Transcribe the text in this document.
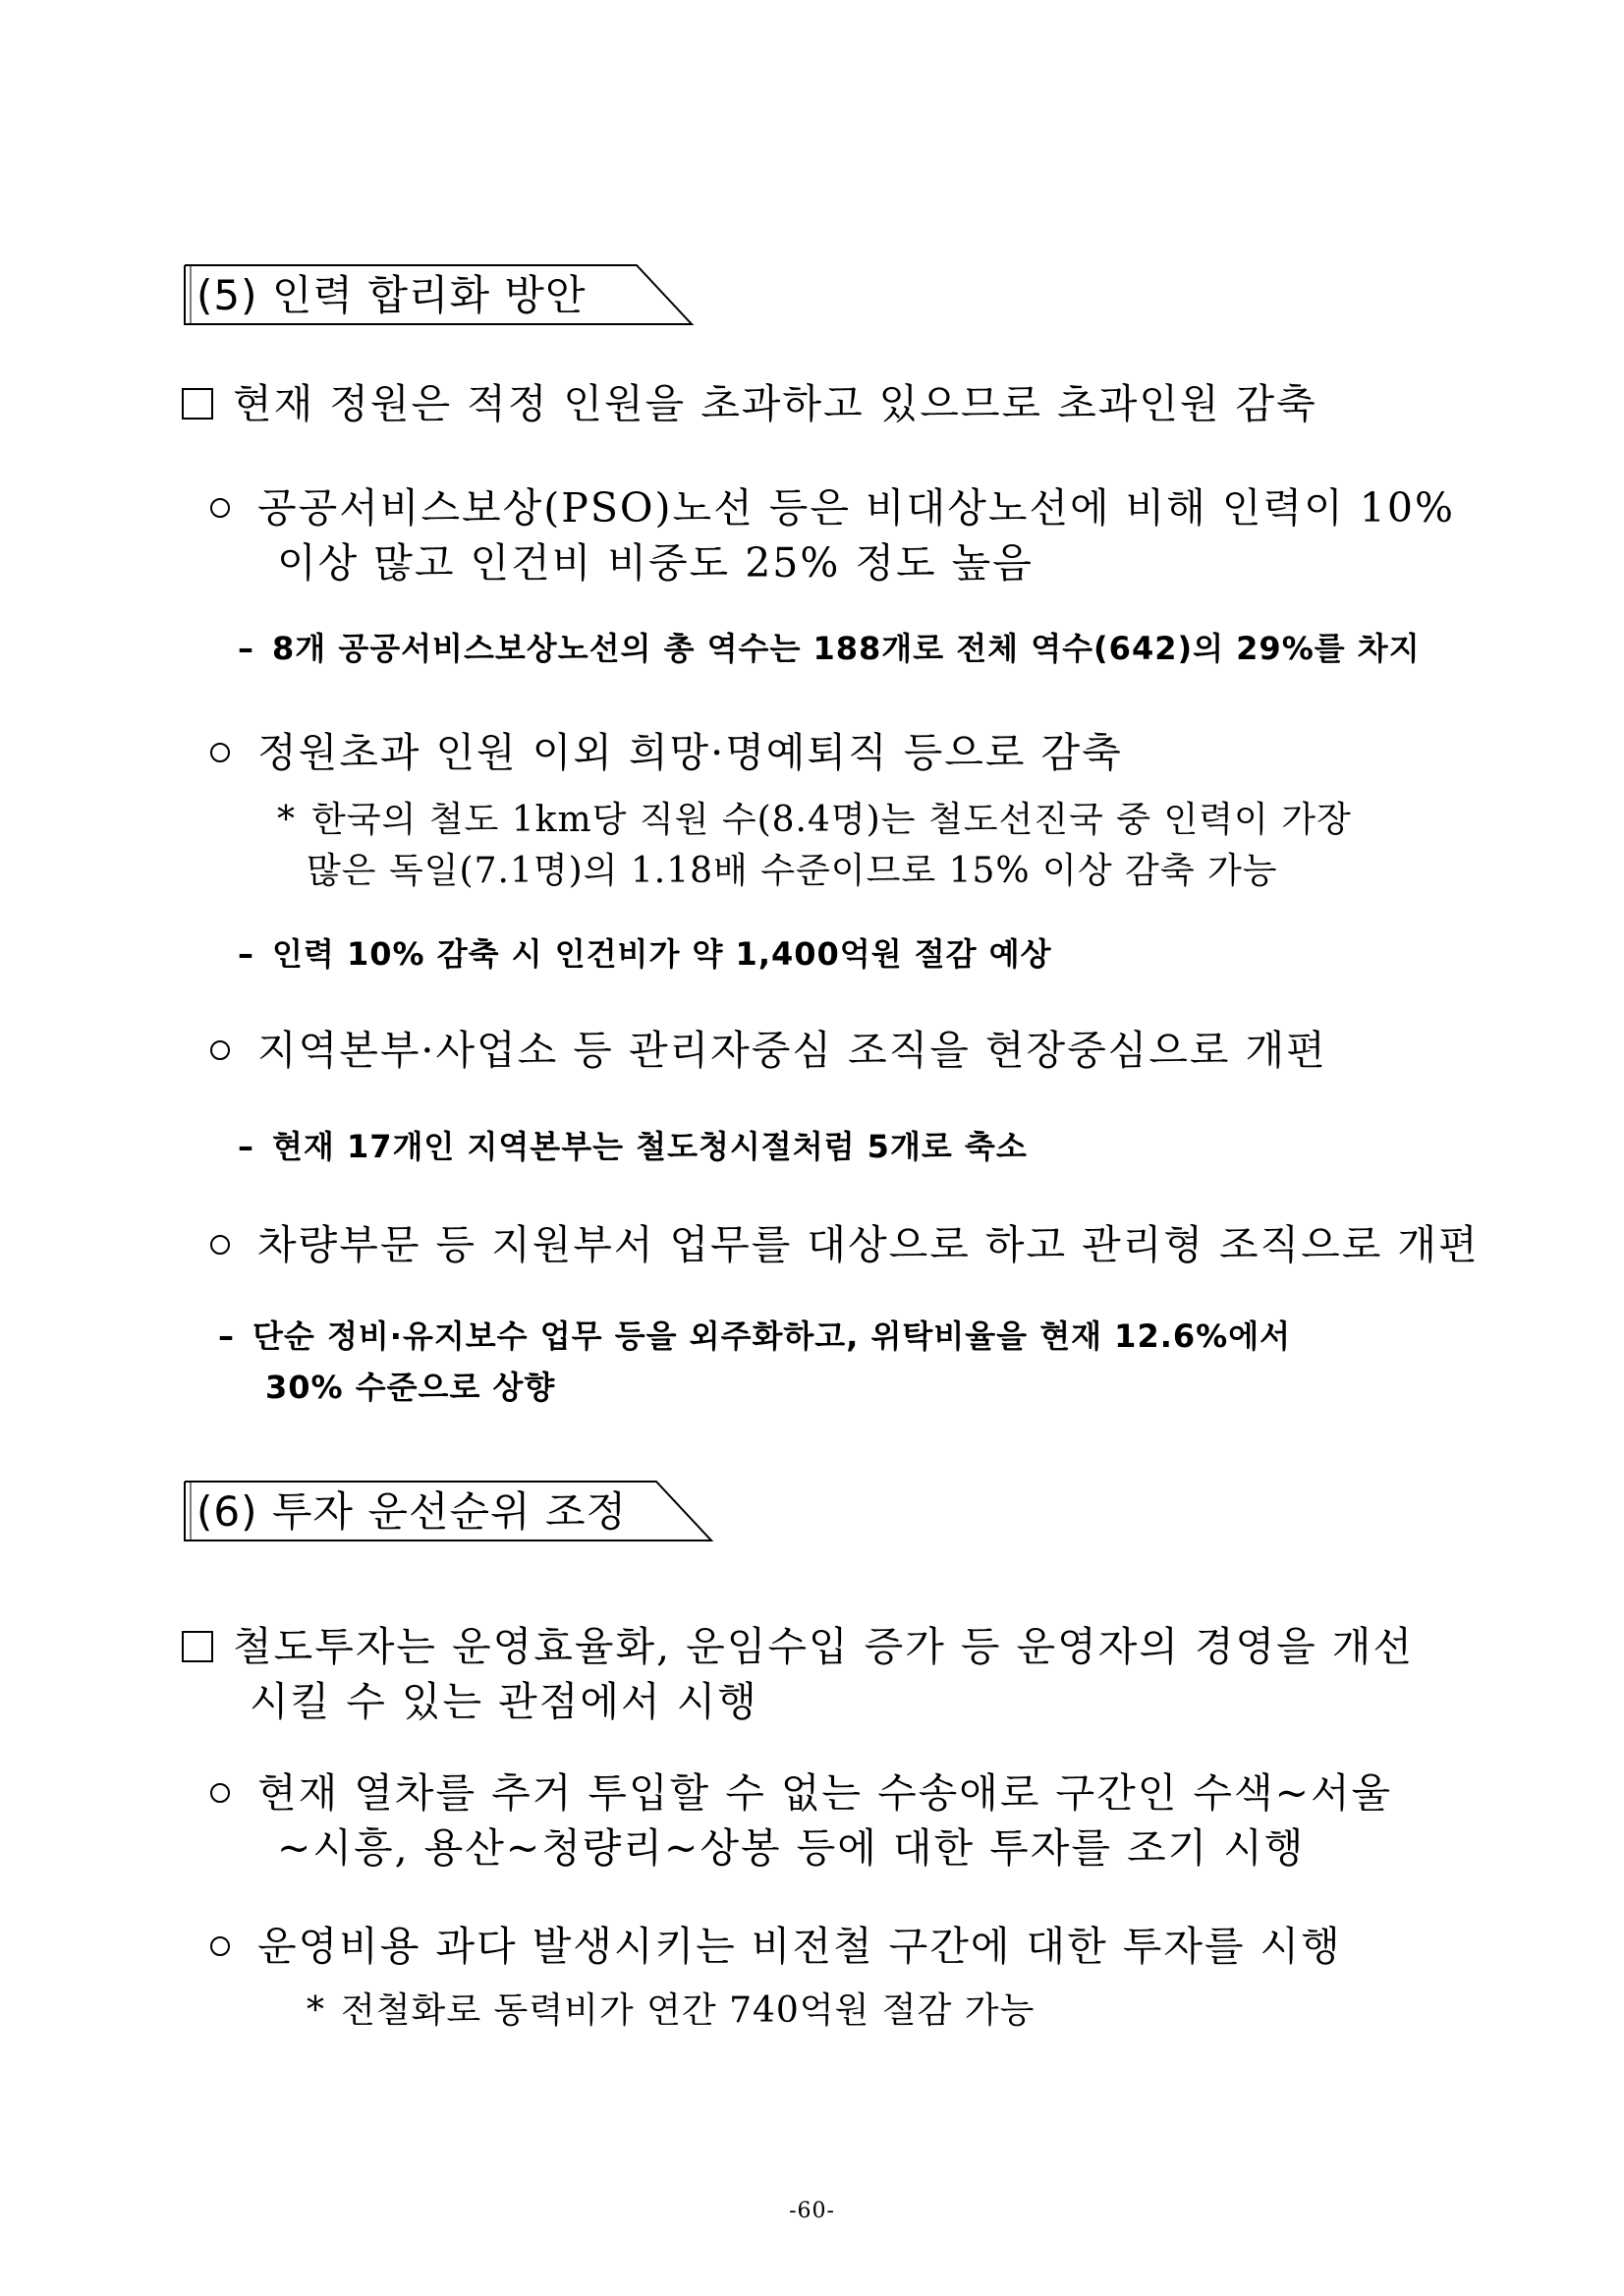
(5) 인력 합리화 방안
현재 정원은 적정 인원을 초과하고 있으므로 초과인원 감축
공공서비스보상(PSO)노선 등은 비대상노선에 비해 인력이 10%
이상 많고 인건비 비중도 25% 정도 높음
– 8개 공공서비스보상노선의 총 역수는 188개로 전체 역수(642)의 29%를 차지
정원초과 인원 이외 희망·명예퇴직 등으로 감축
* 한국의 철도 1km당 직원 수(8.4명)는 철도선진국 중 인력이 가장
많은 독일(7.1명)의 1.18배 수준이므로 15% 이상 감축 가능
– 인력 10% 감축 시 인건비가 약 1,400억원 절감 예상
지역본부·사업소 등 관리자중심 조직을 현장중심으로 개편
– 현재 17개인 지역본부는 철도청시절처럼 5개로 축소
차량부문 등 지원부서 업무를 대상으로 하고 관리형 조직으로 개편
– 단순 정비·유지보수 업무 등을 외주화하고, 위탁비율을 현재 12.6%에서
30% 수준으로 상향
(6) 투자 운선순위 조정
철도투자는 운영효율화, 운임수입 증가 등 운영자의 경영을 개선
시킬 수 있는 관점에서 시행
현재 열차를 추거 투입할 수 없는 수송애로 구간인 수색~서울
~시흥, 용산~청량리~상봉 등에 대한 투자를 조기 시행
운영비용 과다 발생시키는 비전철 구간에 대한 투자를 시행
* 전철화로 동력비가 연간 740억원 절감 가능
-60-
